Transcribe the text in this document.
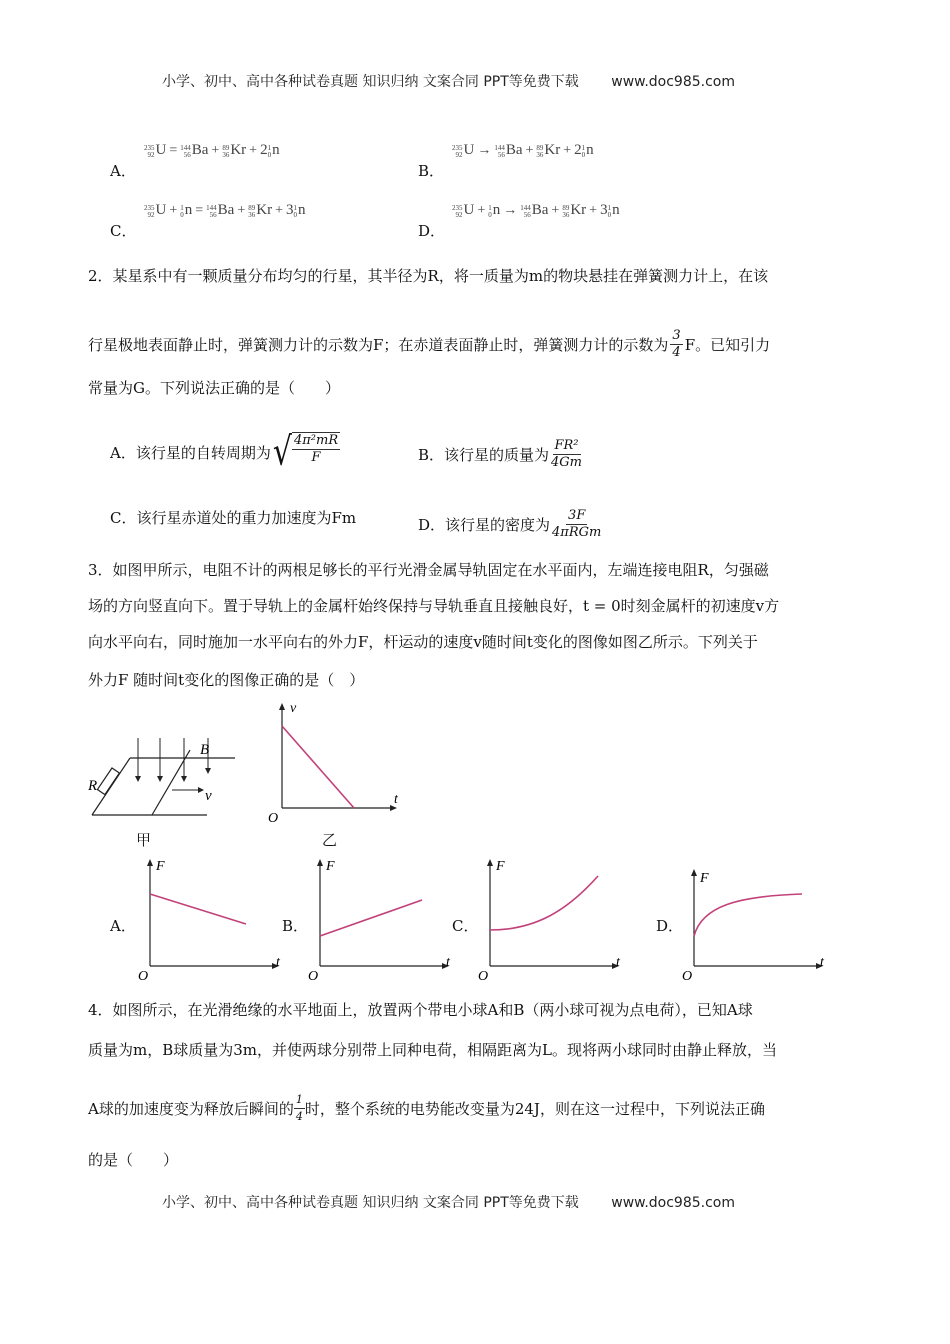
小学、初中、高中各种试卷真题 知识归纳 文案合同 PPT等免费下载 www.doc985.com
A．
235
92 U = 144
56 Ba + 89
36 Kr + 2 1
0 n
B．
235
92 U → 144
56 Ba + 89
36 Kr + 2 1
0 n
C．
235
92 U + 1
0 n = 144
56 Ba + 89
36 Kr + 3 1
0 n
D．
235
92 U + 1
0 n → 144
56 Ba + 89
36 Kr + 3 1
0 n
2．某星系中有一颗质量分布均匀的行星，其半径为R，将一质量为m的物块悬挂在弹簧测力计上，在该
行星极地表面静止时，弹簧测力计的示数为F；在赤道表面静止时，弹簧测力计的示数为 $\frac{3}{4}$ F。已知引力
常量为G。下列说法正确的是（　　）
A．该行星的自转周期为 √ $\frac{\text{4π²mR}}{F}$	B．该行星的质量为 $\frac{\text{FR²}}{4Gm}$
C．该行星赤道处的重力加速度为Fm	D．该行星的密度为 $\frac{3F}{\text{4πRGm}}$
3．如图甲所示，电阻不计的两根足够长的平行光滑金属导轨固定在水平面内，左端连接电阻R，匀强磁
场的方向竖直向下。置于导轨上的金属杆始终保持与导轨垂直且接触良好，t = 0时刻金属杆的初速度v方
向水平向右，同时施加一水平向右的外力F，杆运动的速度v随时间t变化的图像如图乙所示。下列关于
外力F 随时间t变化的图像正确的是（　）
B
R
v
甲
v
t
O
乙
A．
F
t
O
B．
F
t
O
C．
F
t
O
D．
F
t
O
4．如图所示，在光滑绝缘的水平地面上，放置两个带电小球A和B（两小球可视为点电荷），已知A球
质量为m，B球质量为3m，并使两球分别带上同种电荷，相隔距离为L。现将两小球同时由静止释放，当
A球的加速度变为释放后瞬间的 $\frac{1}{4}$ 时，整个系统的电势能改变量为24J，则在这一过程中，下列说法正确
的是（　　）
小学、初中、高中各种试卷真题 知识归纳 文案合同 PPT等免费下载 www.doc985.com
